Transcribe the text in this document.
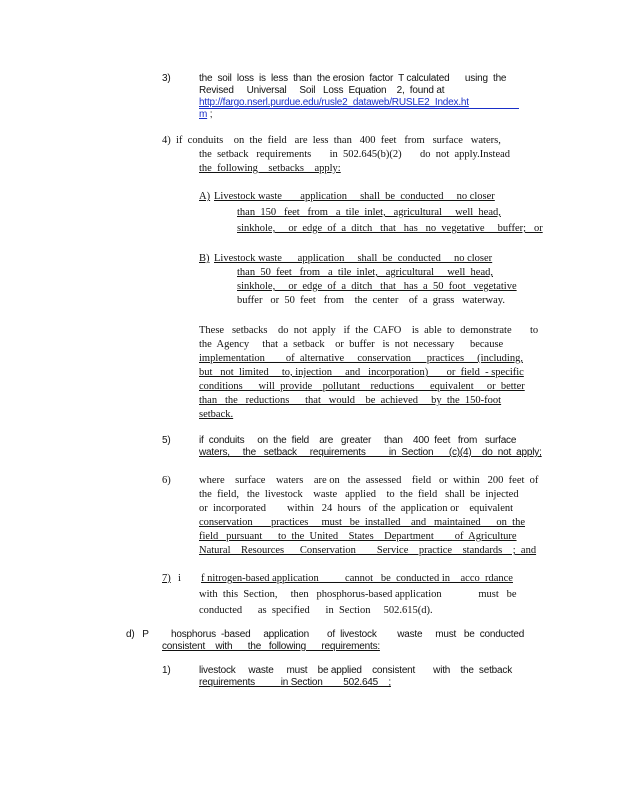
3)	the  soil  loss  is  less  than  the erosion  factor  T calculated      using  the
Revised     Universal     Soil   Loss  Equation    2,  found at
http://fargo.nserl.purdue.edu/rusle2_dataweb/RUSLE2_Index.ht
m ;
4)  if  conduits    on  the  field   are  less  than   400  feet   from   surface   waters,
the  setback   requirements       in  502.645(b)(2)       do  not  apply.Instead
the  following    setbacks    apply:
A) Livestock waste       application     shall  be  conducted     no closer
than  150   feet   from   a  tile  inlet,   agricultural     well  head,
sinkhole,     or  edge  of  a  ditch   that   has   no  vegetative     buffer;   or
B) Livestock waste      application     shall  be  conducted     no closer
than  50  feet   from   a  tile  inlet,   agricultural     well  head,
sinkhole,     or  edge  of  a  ditch   that   has  a  50  foot   vegetative
buffer   or  50  feet   from    the  center    of  a  grass   waterway.
These   setbacks    do  not  apply   if  the  CAFO    is  able  to  demonstrate       to
the  Agency     that  a  setback    or  buffer   is  not  necessary      because
implementation        of  alternative     conservation      practices     (including,
but   not  limited     to, injection     and   incorporation)       or  field  - specific
conditions      will  provide    pollutant    reductions      equivalent     or  better
than   the   reductions      that   would    be  achieved     by  the  150-foot
setback.
5)	if  conduits     on  the  field    are   greater     than    400  feet   from   surface
waters,     the   setback     requirements         in  Section      (c)(4)    do  not  apply;
6)	where    surface    waters    are on   the  assessed    field   or  within   200  feet  of
the  field,   the  livestock    waste   applied    to  the  field   shall  be  injected
or  incorporated        within   24  hours   of  the  application or    equivalent
conservation       practices     must   be  installed    and   maintained      on  the
field   pursuant      to  the  United    States    Department        of  Agriculture
Natural    Resources      Conservation        Service    practice    standards    ;  and
7) i f nitrogen-based application          cannot   be  conducted in    acco  rdance
with  this  Section,     then   phosphorus-based application              must   be
conducted      as  specified      in  Section     502.615(d).
d)   P hosphorus  -based     application       of  livestock        waste     must   be  conducted
consistent    with      the   following      requirements:
1)	livestock     waste     must    be applied    consistent       with    the  setback
requirements          in Section        502.645    ;
